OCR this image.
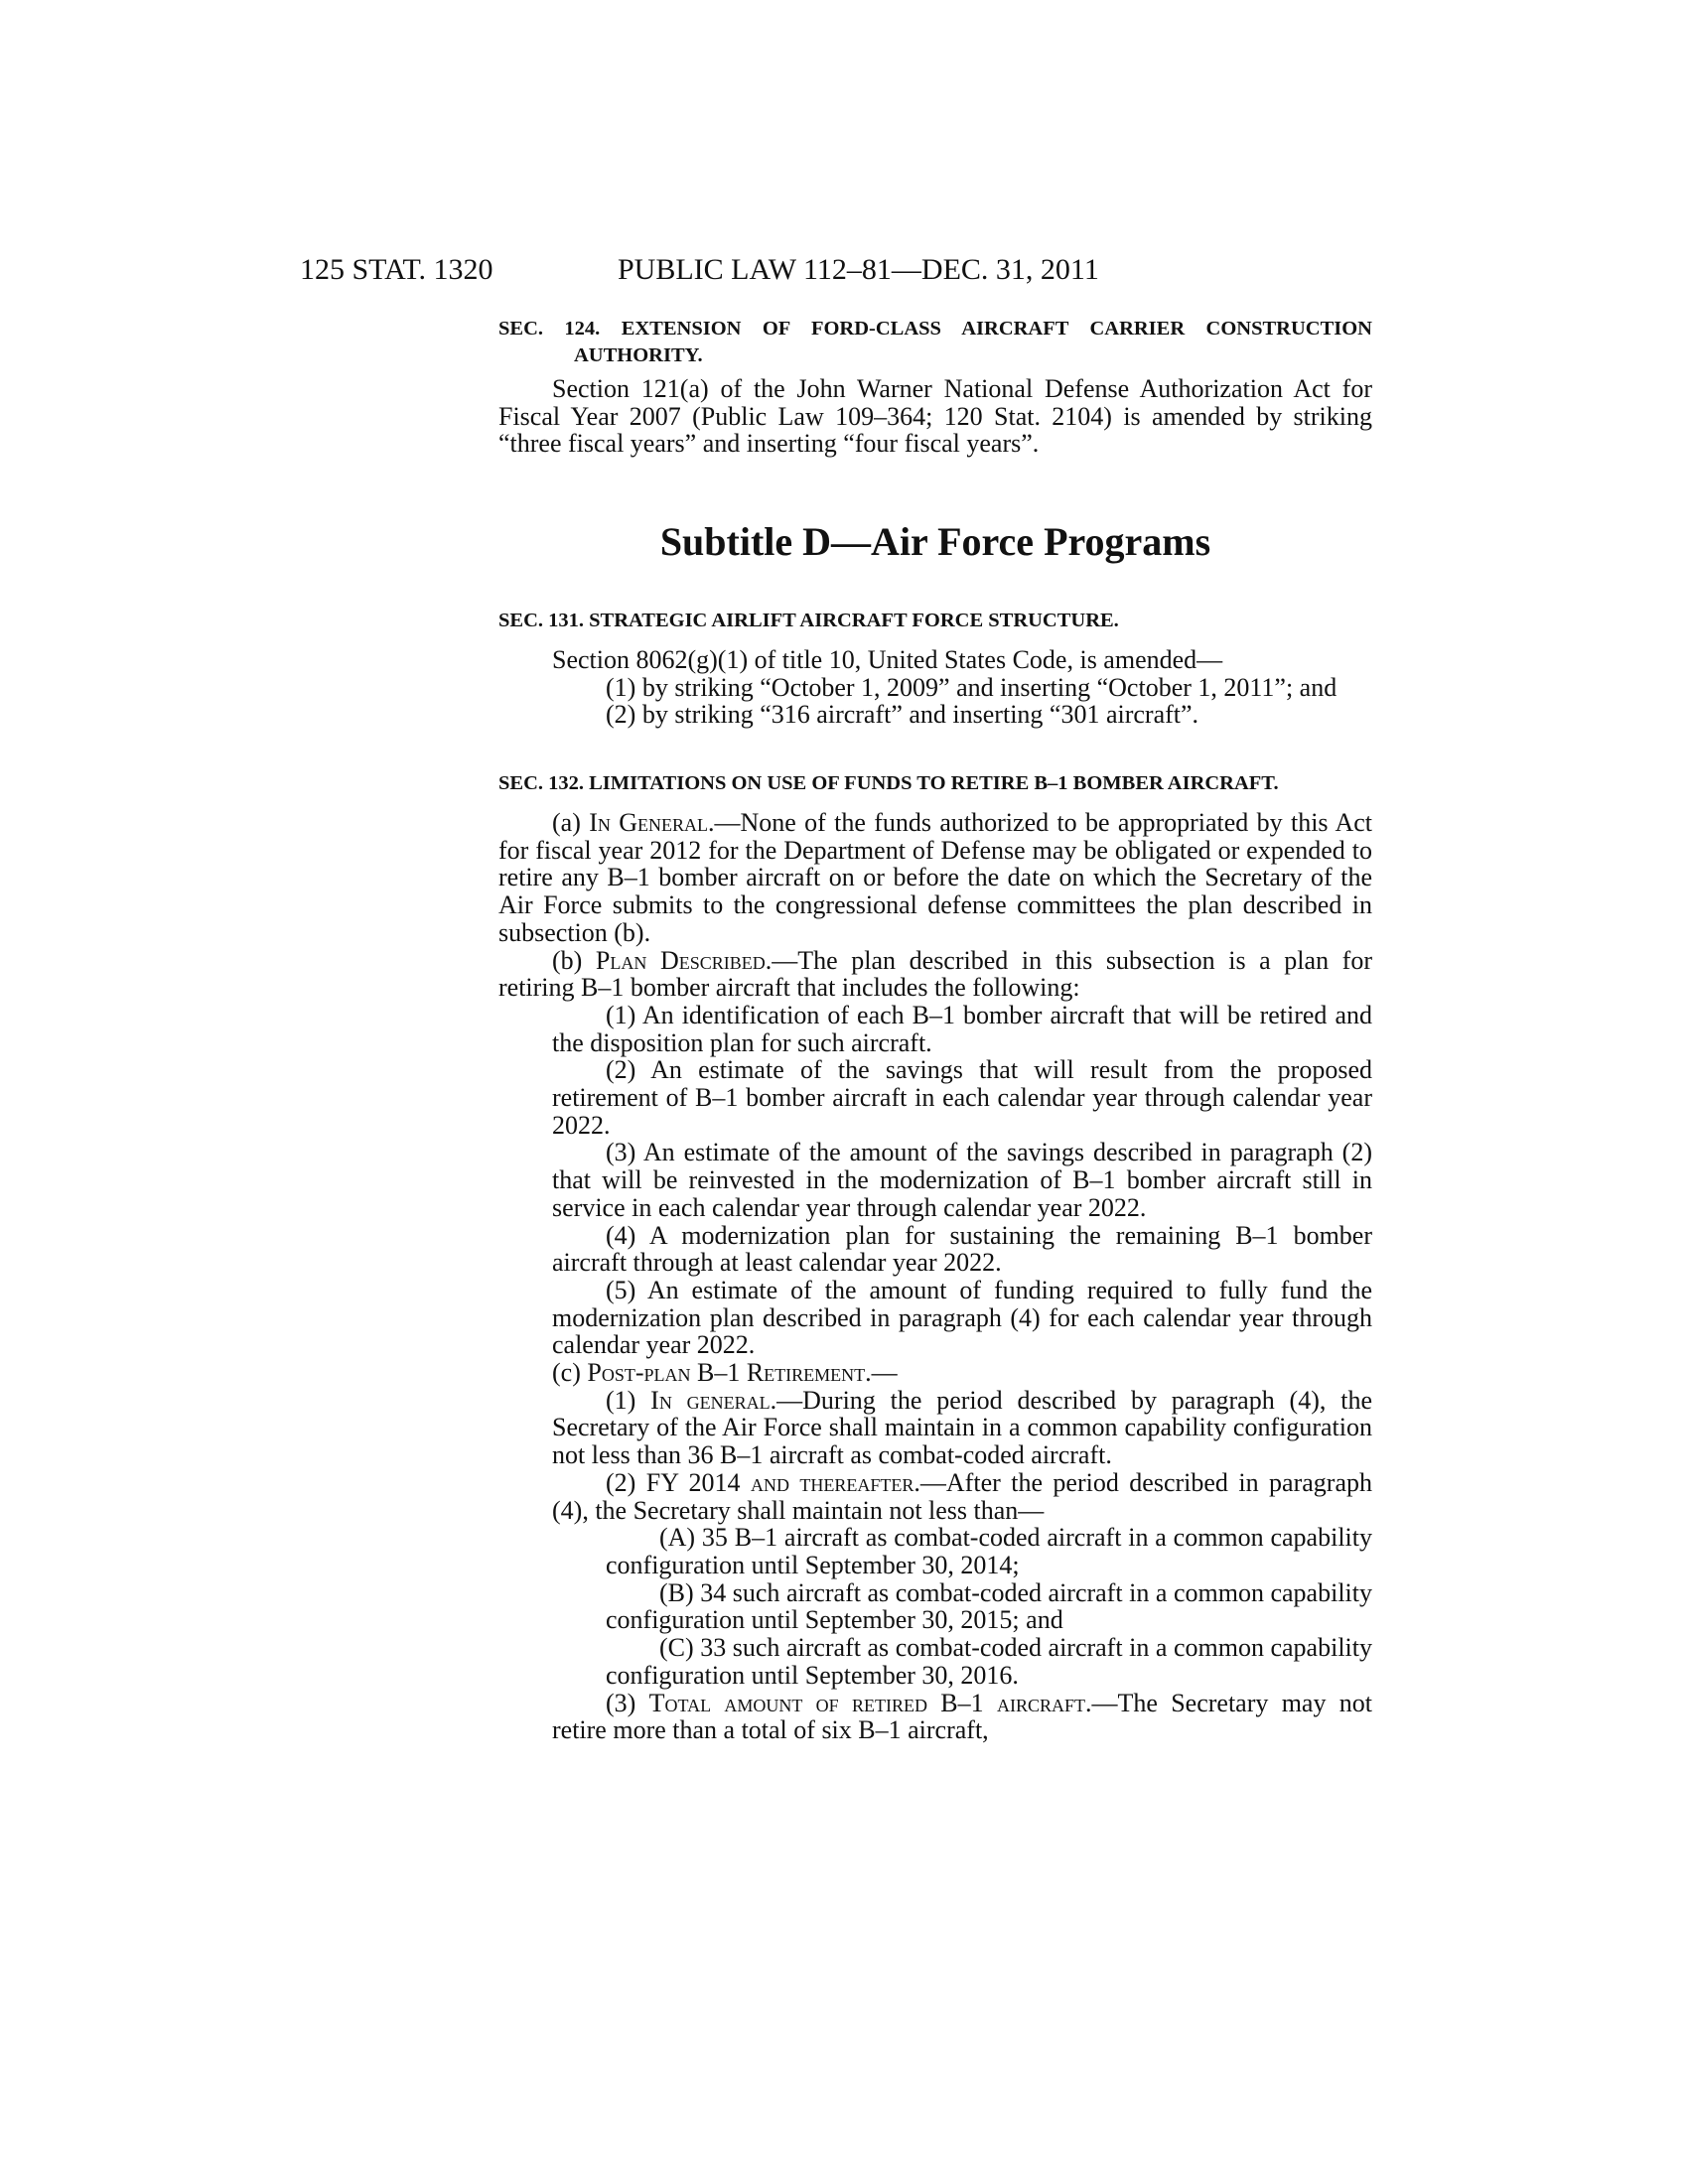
125 STAT. 1320	PUBLIC LAW 112–81—DEC. 31, 2011
SEC. 124. EXTENSION OF FORD-CLASS AIRCRAFT CARRIER CONSTRUCTION AUTHORITY.

Section 121(a) of the John Warner National Defense Authorization Act for Fiscal Year 2007 (Public Law 109–364; 120 Stat. 2104) is amended by striking “three fiscal years” and inserting “four fiscal years”.

Subtitle D—Air Force Programs
SEC. 131. STRATEGIC AIRLIFT AIRCRAFT FORCE STRUCTURE.

Section 8062(g)(1) of title 10, United States Code, is amended—

(1) by striking “October 1, 2009” and inserting “October 1, 2011”; and

(2) by striking “316 aircraft” and inserting “301 aircraft”.

SEC. 132. LIMITATIONS ON USE OF FUNDS TO RETIRE B–1 BOMBER AIRCRAFT.

(a) In General.—None of the funds authorized to be appropriated by this Act for fiscal year 2012 for the Department of Defense may be obligated or expended to retire any B–1 bomber aircraft on or before the date on which the Secretary of the Air Force submits to the congressional defense committees the plan described in subsection (b).

(b) Plan Described.—The plan described in this subsection is a plan for retiring B–1 bomber aircraft that includes the following:

(1) An identification of each B–1 bomber aircraft that will be retired and the disposition plan for such aircraft.

(2) An estimate of the savings that will result from the proposed retirement of B–1 bomber aircraft in each calendar year through calendar year 2022.

(3) An estimate of the amount of the savings described in paragraph (2) that will be reinvested in the modernization of B–1 bomber aircraft still in service in each calendar year through calendar year 2022.

(4) A modernization plan for sustaining the remaining B–1 bomber aircraft through at least calendar year 2022.

(5) An estimate of the amount of funding required to fully fund the modernization plan described in paragraph (4) for each calendar year through calendar year 2022.

(c) Post-plan B–1 Retirement.—

(1) In general.—During the period described by paragraph (4), the Secretary of the Air Force shall maintain in a common capability configuration not less than 36 B–1 aircraft as combat-coded aircraft.

(2) FY 2014 and thereafter.—After the period described in paragraph (4), the Secretary shall maintain not less than—

(A) 35 B–1 aircraft as combat-coded aircraft in a common capability configuration until September 30, 2014;

(B) 34 such aircraft as combat-coded aircraft in a common capability configuration until September 30, 2015; and

(C) 33 such aircraft as combat-coded aircraft in a common capability configuration until September 30, 2016.

(3) Total amount of retired B–1 aircraft.—The Secretary may not retire more than a total of six B–1 aircraft,
